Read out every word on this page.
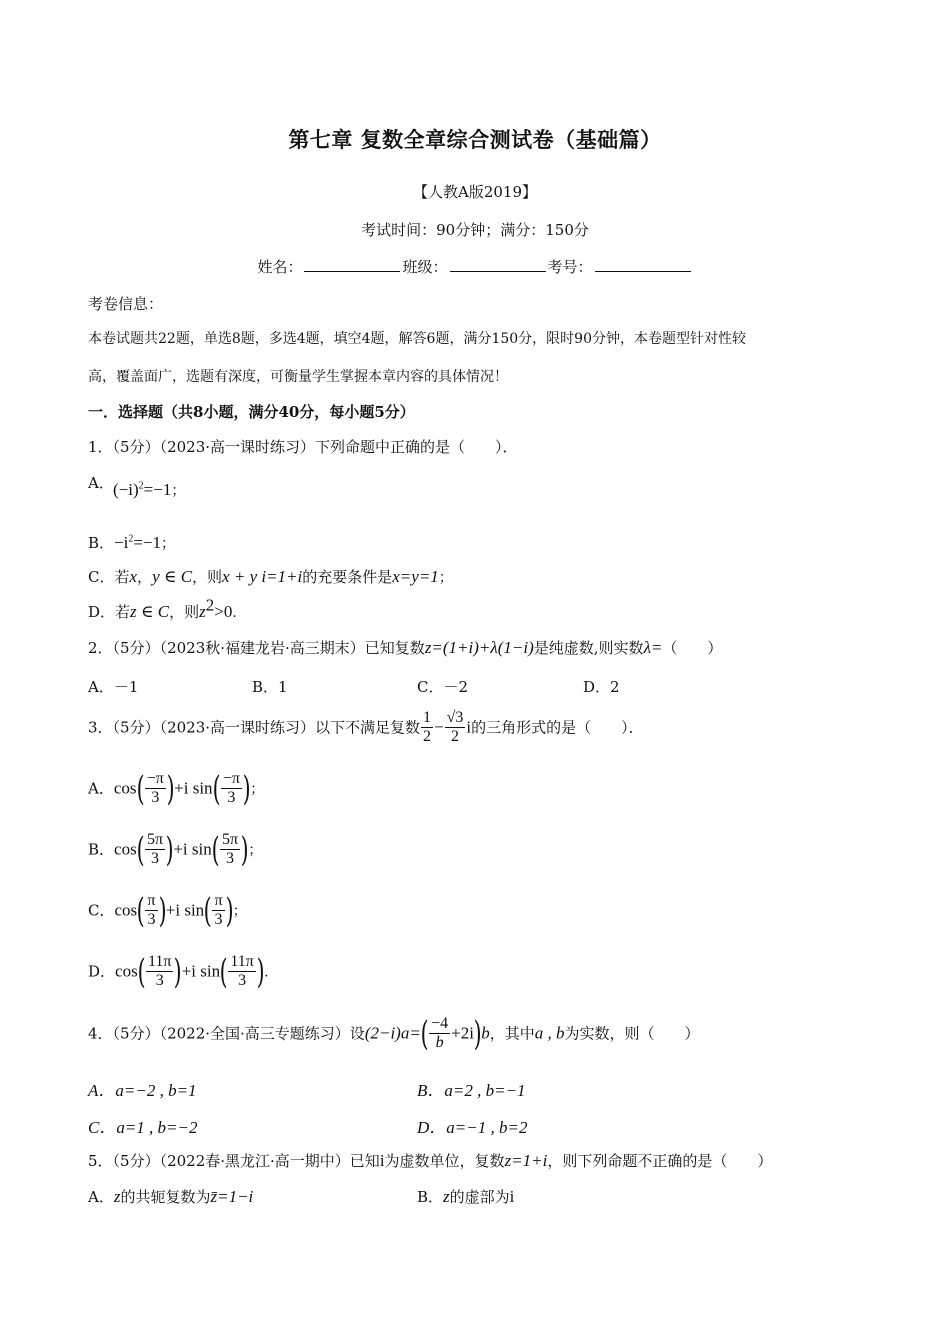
第七章 复数全章综合测试卷（基础篇）
【人教A版2019】
考试时间：90分钟；满分：150分
姓名：	班级：	考号：
考卷信息：
本卷试题共22题，单选8题，多选4题，填空4题，解答6题，满分150分，限时90分钟，本卷题型针对性较
高，覆盖面广，选题有深度，可衡量学生掌握本章内容的具体情况！
一．选择题（共8小题，满分40分，每小题5分）
1．（5分）（2023·高一课时练习）下列命题中正确的是（　　）．
A． $(-i)^2=-1$；
B．$-i^2=-1$；
C．若x，y ∈ C，则x + y i=1+i的充要条件是x=y=1；
D．若z ∈ C，则$z^2>0$.
2．（5分）（2023秋·福建龙岩·高三期末）已知复数z=(1+i)+λ(1−i)是纯虚数,则实数λ=（　　）
A．－1	B．1	C．－2	D．2
3．（5分）（2023·高一课时练习）以下不满足复数 $\frac{1}{2} - \frac{√3}{2}$ i的三角形式的是（　　）．
A．$\cos( \frac{-\pi}{3} )+i$ $\sin( \frac{-\pi}{3}$ )；
B．$\cos( \frac{5\pi}{3} )+i$ $\sin( \frac{5\pi}{3}$ )；
C．$\cos( \frac{\pi}{3} )+i$ $\sin( \frac{\pi}{3}$ )；
D．$\cos( \frac{11\pi}{3} )+i$ $\sin( \frac{11\pi}{3}$ ).
4．（5分）（2022·全国·高三专题练习）设$(2-i)a=( \frac{-4}{b} +2i)b$，其中a , b为实数，则（　　）
A．a=−2 , b=1	B．a=2 , b=−1
C．a=1 , b=−2	D．a=−1 , b=2
5．（5分）（2022春·黑龙江·高一期中）已知i为虚数单位，复数z=1+i，则下列命题不正确的是（　　）
A．z的共轭复数为z̄=1−i	B．z的虚部为i
